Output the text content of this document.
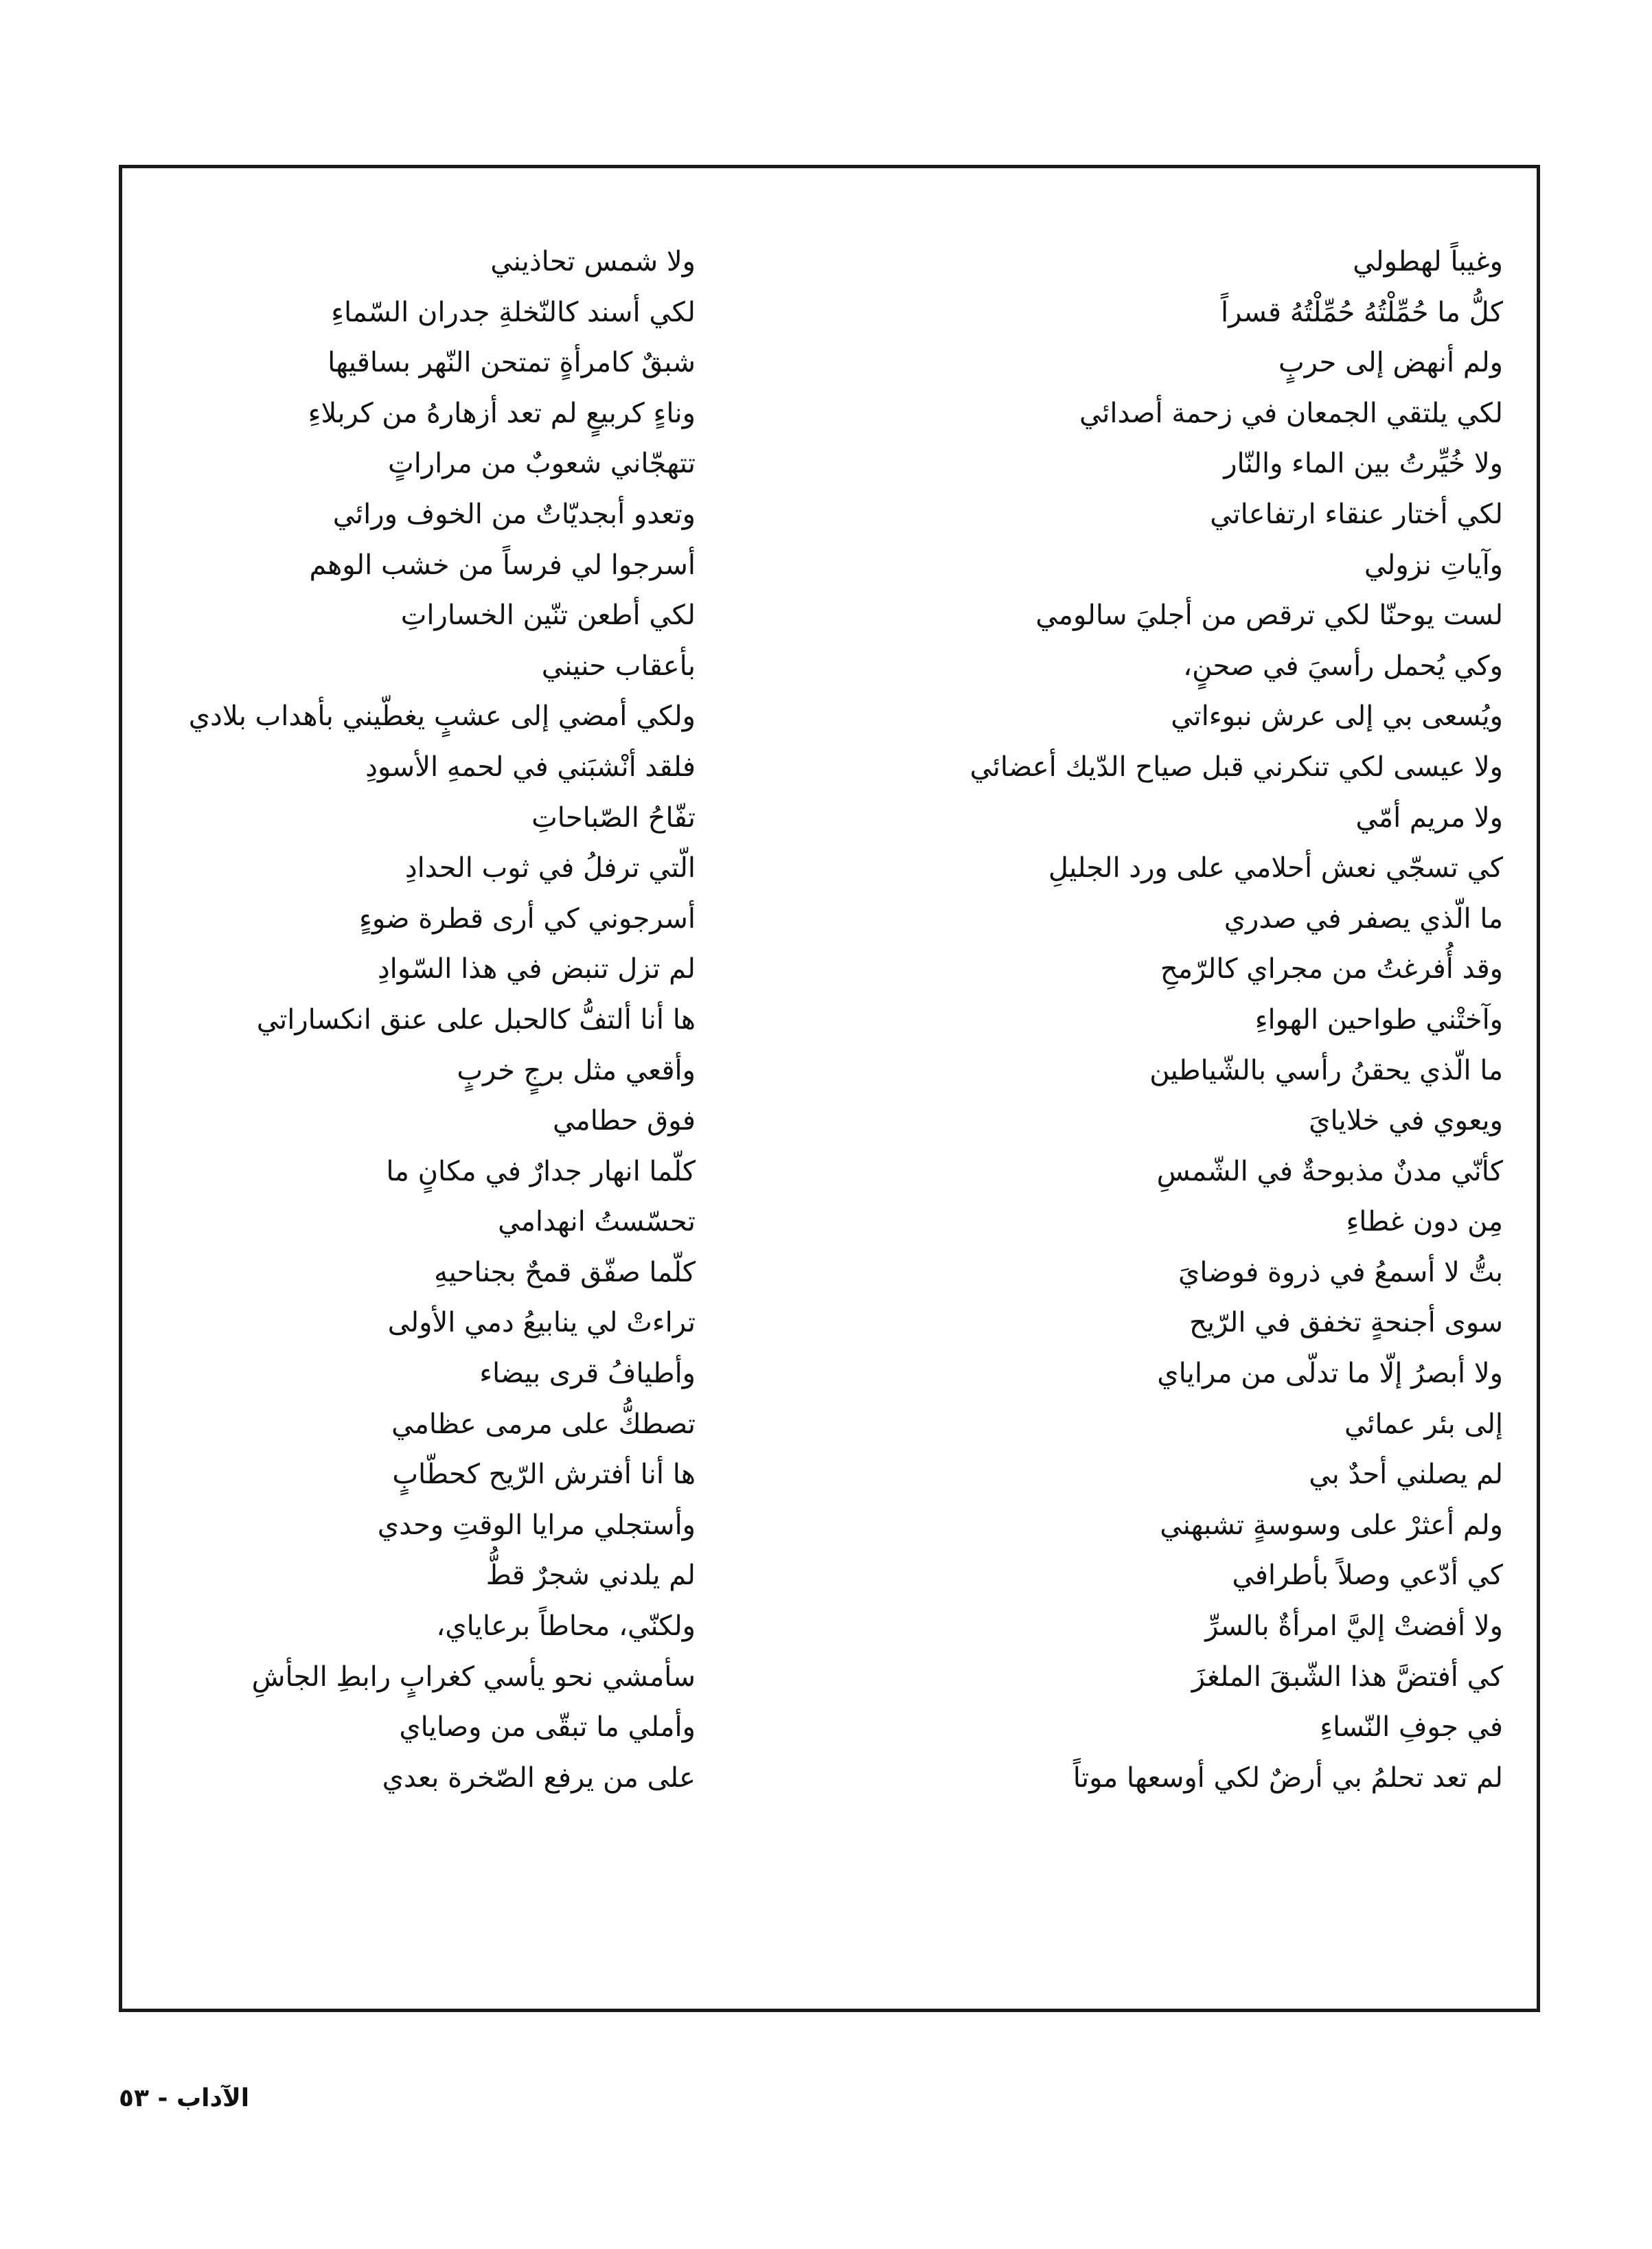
وغيباً لهطولي
كلُّ ما حُمِّلْتُهُ حُمِّلْتُهُ قسراً
ولم أنهض إلى حربٍ
لكي يلتقي الجمعان في زحمة أصدائي
ولا خُيِّرتُ بين الماء والنّار
لكي أختار عنقاء ارتفاعاتي
وآياتِ نزولي
لست يوحنّا لكي ترقص من أجليَ سالومي
وكي يُحمل رأسيَ في صحنٍ،
ويُسعى بي إلى عرش نبوءاتي
ولا عيسى لكي تنكرني قبل صياح الدّيك أعضائي
ولا مريم أمّي
كي تسجّي نعش أحلامي على ورد الجليلِ
ما الّذي يصفر في صدري
وقد أُفرغتُ من مجراي كالرّمحِ
وآختْني طواحين الهواءِ
ما الّذي يحقنُ رأسي بالشّياطين
ويعوي في خلايايَ
كأنّي مدنٌ مذبوحةٌ في الشّمسِ
مِن دون غطاءِ
بتُّ لا أسمعُ في ذروة فوضايَ
سوى أجنحةٍ تخفق في الرّيح
ولا أبصرُ إلّا ما تدلّى من مراياي
إلى بئر عمائي
لم يصلني أحدٌ بي
ولم أعثرْ على وسوسةٍ تشبهني
كي أدّعي وصلاً بأطرافي
ولا أفضتْ إليَّ امرأةٌ بالسرِّ
كي أفتضَّ هذا الشّبقَ الملغزَ
في جوفِ النّساءِ
لم تعد تحلمُ بي أرضٌ لكي أوسعها موتاً
ولا شمس تحاذيني
لكي أسند كالنّخلةِ جدران السّماءِ
شبقٌ كامرأةٍ تمتحن النّهر بساقيها
وناءٍ كربيعٍ لم تعد أزهارهُ من كربلاءِ
تتهجّاني شعوبٌ من مراراتٍ
وتعدو أبجديّاتٌ من الخوف ورائي
أسرجوا لي فرساً من خشب الوهم
لكي أطعن تنّين الخساراتِ
بأعقاب حنيني
ولكي أمضي إلى عشبٍ يغطّيني بأهداب بلادي
فلقد أنْشبَني في لحمهِ الأسودِ
تفّاحُ الصّباحاتِ
الّتي ترفلُ في ثوب الحدادِ
أسرجوني كي أرى قطرة ضوءٍ
لم تزل تنبض في هذا السّوادِ
ها أنا ألتفُّ كالحبل على عنق انكساراتي
وأقعي مثل برجٍ خربٍ
فوق حطامي
كلّما انهار جدارٌ في مكانٍ ما
تحسّستُ انهدامي
كلّما صفّق قمحٌ بجناحيهِ
تراءتْ لي ينابيعُ دمي الأولى
وأطيافُ قرى بيضاء
تصطكُّ على مرمى عظامي
ها أنا أفترش الرّيح كحطّابٍ
وأستجلي مرايا الوقتِ وحدي
لم يلدني شجرٌ قطُّ
ولكنّي، محاطاً برعاياي،
سأمشي نحو يأسي كغرابٍ رابطِ الجأشِ
وأملي ما تبقّى من وصاياي
على من يرفع الصّخرة بعدي
الآداب - ٥٣
